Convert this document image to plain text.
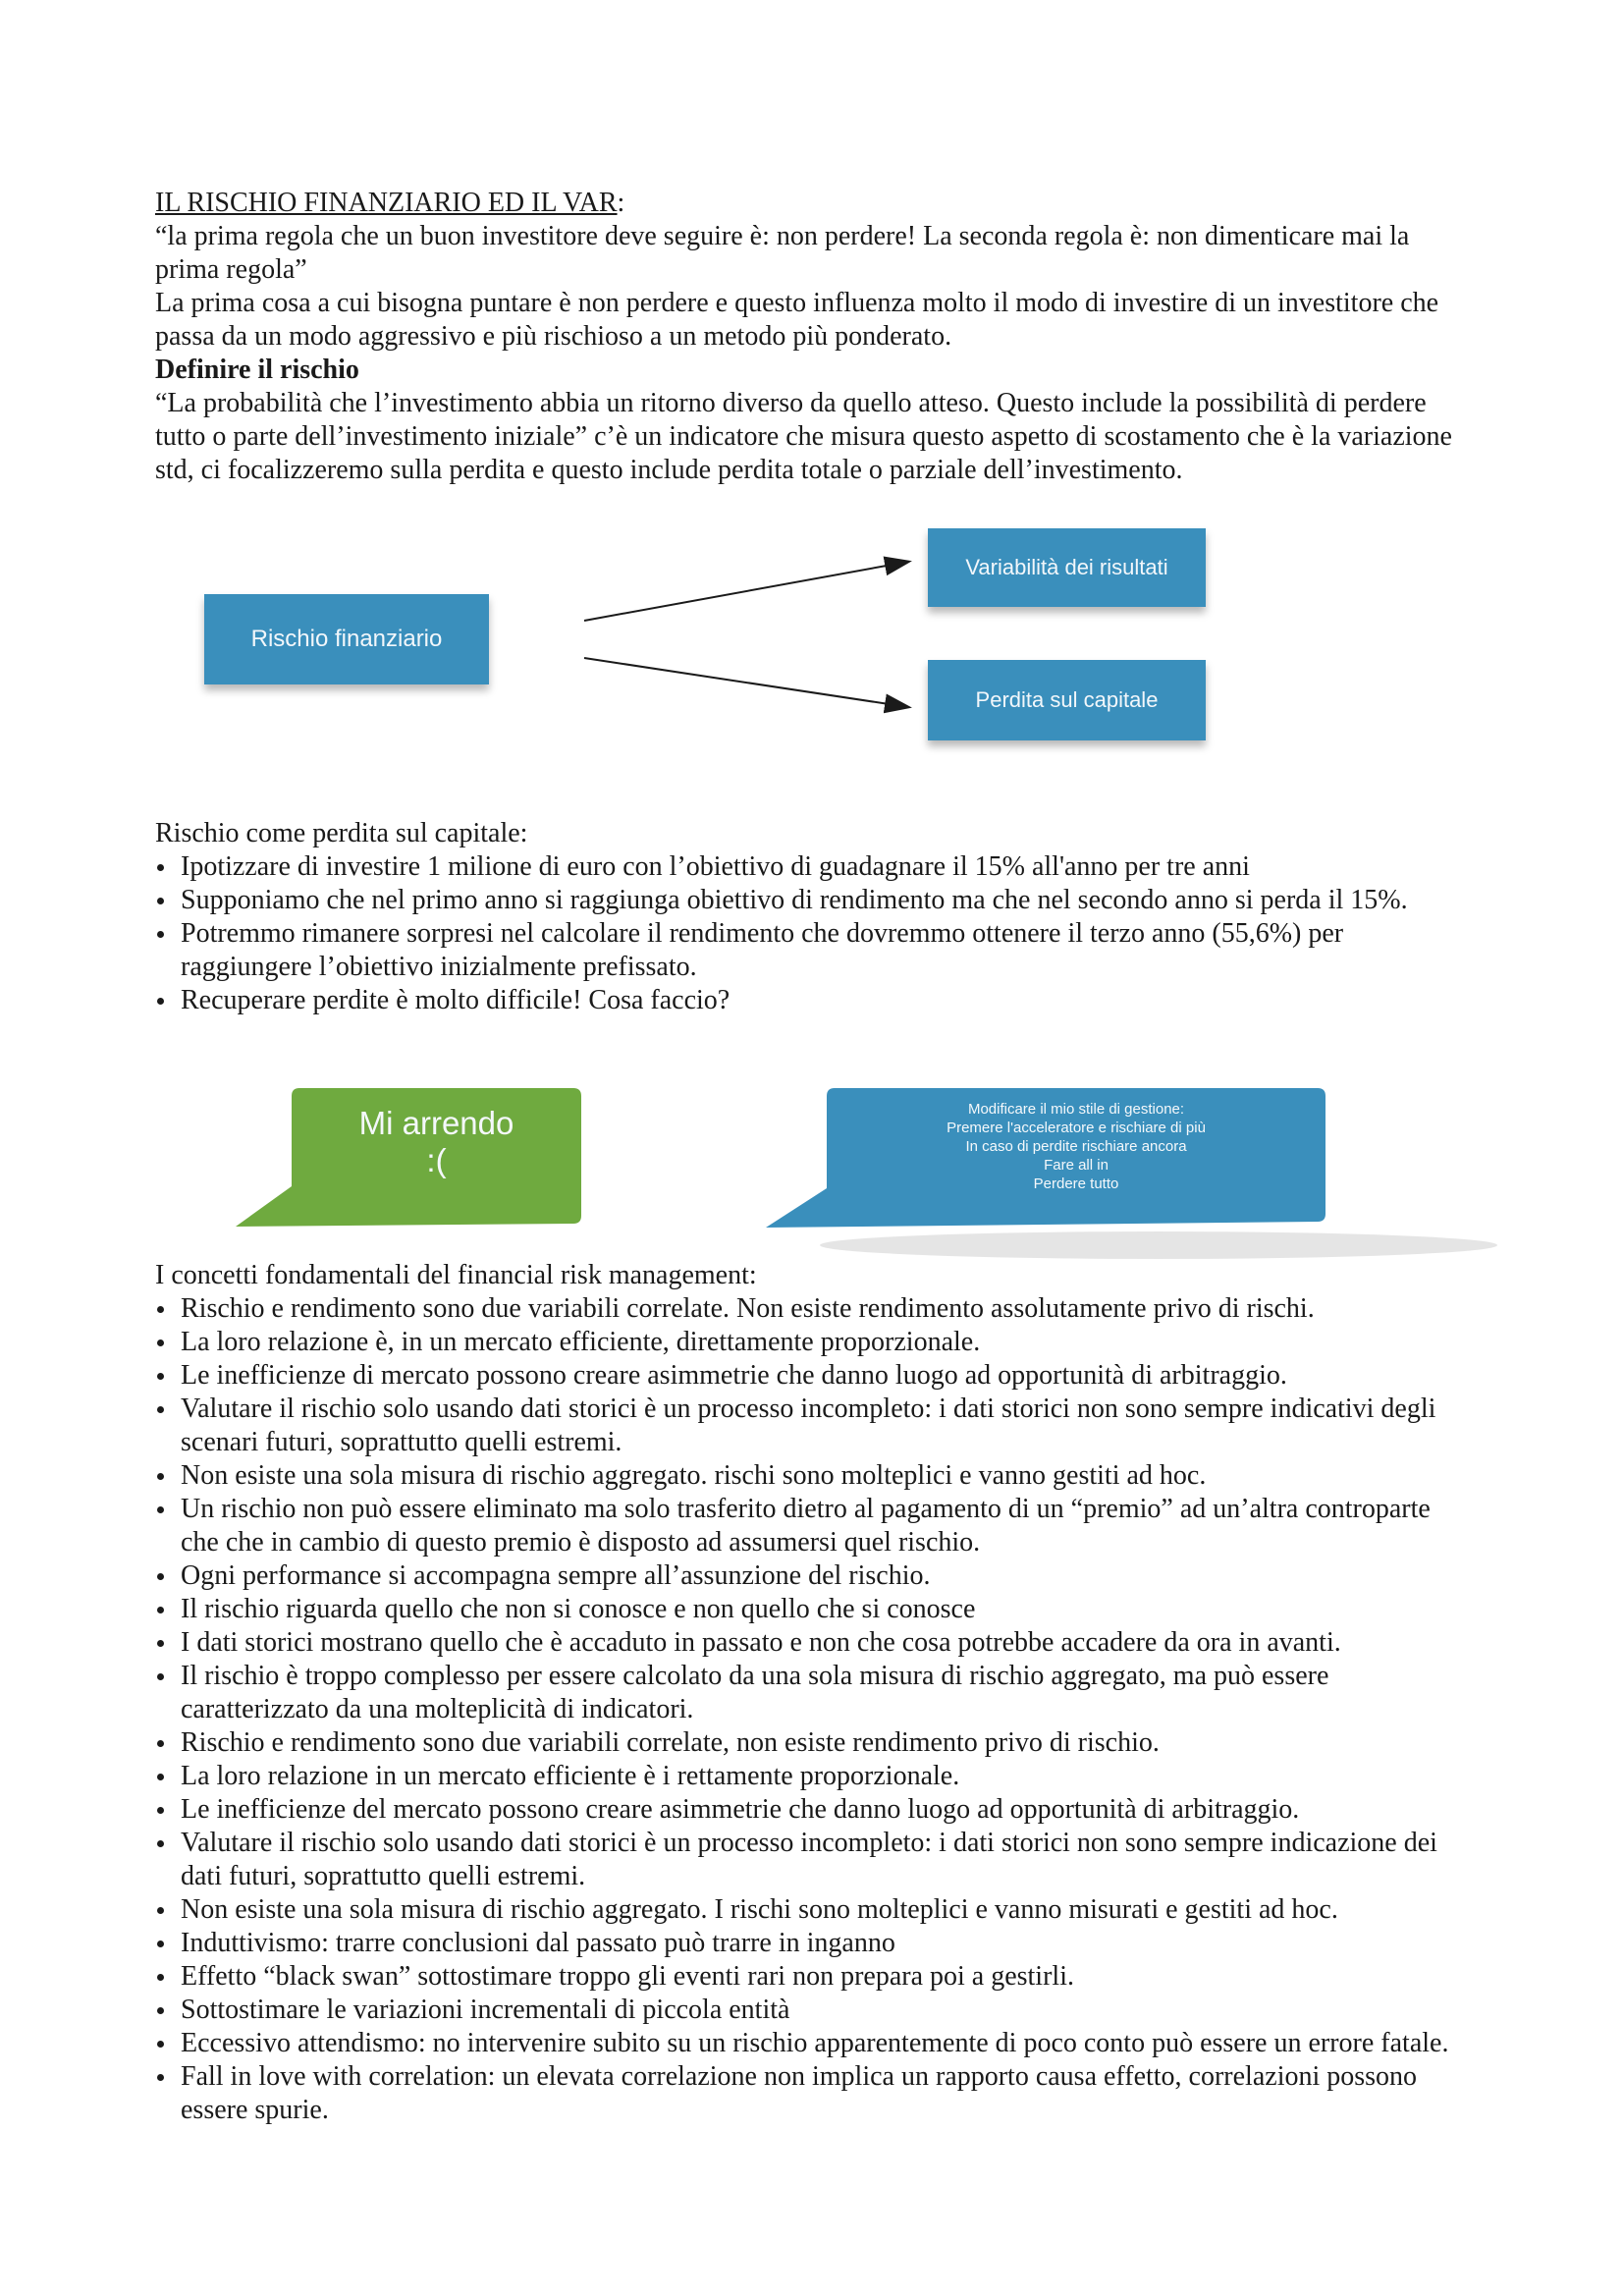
IL RISCHIO FINANZIARIO ED IL VAR:

“la prima regola che un buon investitore deve seguire è: non perdere! La seconda regola è: non dimenticare mai la prima regola”

La prima cosa a cui bisogna puntare è non perdere e questo influenza molto il modo di investire di un investitore che passa da un modo aggressivo e più rischioso a un metodo più ponderato.

Definire il rischio

“La probabilità che l’investimento abbia un ritorno diverso da quello atteso. Questo include la possibilità di perdere tutto o parte dell’investimento iniziale” c’è un indicatore che misura questo aspetto di scostamento che è la variazione std, ci focalizzeremo sulla perdita e questo include perdita totale o parziale dell’investimento.

Rischio finanziario
Variabilità dei risultati
Perdita sul capitale

Rischio come perdita sul capitale:

Ipotizzare di investire 1 milione di euro con l’obiettivo di guadagnare il 15% all'anno per tre anni
Supponiamo che nel primo anno si raggiunga obiettivo di rendimento ma che nel secondo anno si perda il 15%.
Potremmo rimanere sorpresi nel calcolare il rendimento che dovremmo ottenere il terzo anno (55,6%) per raggiungere l’obiettivo inizialmente prefissato.
Recuperare perdite è molto difficile! Cosa faccio?
Mi arrendo
:(
Modificare il mio stile di gestione:
Premere l'acceleratore e rischiare di più
In caso di perdite rischiare ancora
Fare all in
Perdere tutto

I concetti fondamentali del financial risk management:

Rischio e rendimento sono due variabili correlate. Non esiste rendimento assolutamente privo di rischi.
La loro relazione è, in un mercato efficiente, direttamente proporzionale.
Le inefficienze di mercato possono creare asimmetrie che danno luogo ad opportunità di arbitraggio.
Valutare il rischio solo usando dati storici è un processo incompleto: i dati storici non sono sempre indicativi degli scenari futuri, soprattutto quelli estremi.
Non esiste una sola misura di rischio aggregato. rischi sono molteplici e vanno gestiti ad hoc.
Un rischio non può essere eliminato ma solo trasferito dietro al pagamento di un “premio” ad un’altra controparte che che in cambio di questo premio è disposto ad assumersi quel rischio.
Ogni performance si accompagna sempre all’assunzione del rischio.
Il rischio riguarda quello che non si conosce e non quello che si conosce
I dati storici mostrano quello che è accaduto in passato e non che cosa potrebbe accadere da ora in avanti.
Il rischio è troppo complesso per essere calcolato da una sola misura di rischio aggregato, ma può essere caratterizzato da una molteplicità di indicatori.
Rischio e rendimento sono due variabili correlate, non esiste rendimento privo di rischio.
La loro relazione in un mercato efficiente è i rettamente proporzionale.
Le inefficienze del mercato possono creare asimmetrie che danno luogo ad opportunità di arbitraggio.
Valutare il rischio solo usando dati storici è un processo incompleto: i dati storici non sono sempre indicazione dei dati futuri, soprattutto quelli estremi.
Non esiste una sola misura di rischio aggregato. I rischi sono molteplici e vanno misurati e gestiti ad hoc.
Induttivismo: trarre conclusioni dal passato può trarre in inganno
Effetto “black swan” sottostimare troppo gli eventi rari non prepara poi a gestirli.
Sottostimare le variazioni incrementali di piccola entità
Eccessivo attendismo: no intervenire subito su un rischio apparentemente di poco conto può essere un errore fatale.
Fall in love with correlation: un elevata correlazione non implica un rapporto causa effetto, correlazioni possono essere spurie.
